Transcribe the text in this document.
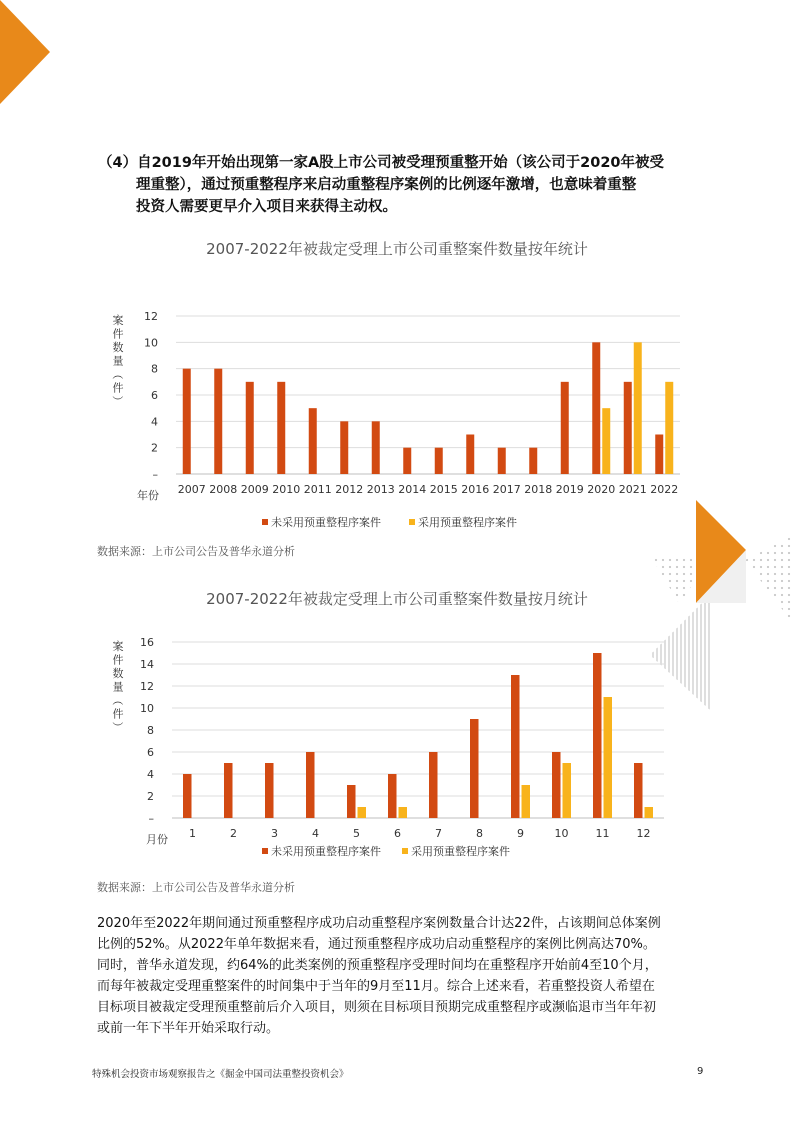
（4）自2019年开始出现第一家A股上市公司被受理预重整开始（该公司于2020年被受
理重整），通过预重整程序来启动重整程序案例的比例逐年激增，也意味着重整
投资人需要更早介入项目来获得主动权。
2007-2022年被裁定受理上市公司重整案件数量按年统计
–
2
4
6
8
10
12
案
件
数
量
（
件
）
年份 2007 2008 2009 2010 2011 2012 2013 2014 2015 2016 2017 2018 2019 2020 2021 2022
未采用预重整程序案件	采用预重整程序案件
数据来源：上市公司公告及普华永道分析
2007-2022年被裁定受理上市公司重整案件数量按月统计
–
2
4
6
8
10
12
14
16
案
件
数
量
（
件
）
月份 1	2	3	4	5	6	7	8	9	10 11 12
未采用预重整程序案件	采用预重整程序案件
数据来源：上市公司公告及普华永道分析
2020年至2022年期间通过预重整程序成功启动重整程序案例数量合计达22件，占该期间总体案例
比例的52%。从2022年单年数据来看，通过预重整程序成功启动重整程序的案例比例高达70%。
同时，普华永道发现，约64%的此类案例的预重整程序受理时间均在重整程序开始前4至10个月，
而每年被裁定受理重整案件的时间集中于当年的9月至11月。综合上述来看，若重整投资人希望在
目标项目被裁定受理预重整前后介入项目，则须在目标项目预期完成重整程序或濒临退市当年年初
或前一年下半年开始采取行动。
特殊机会投资市场观察报告之《掘金中国司法重整投资机会》	9
